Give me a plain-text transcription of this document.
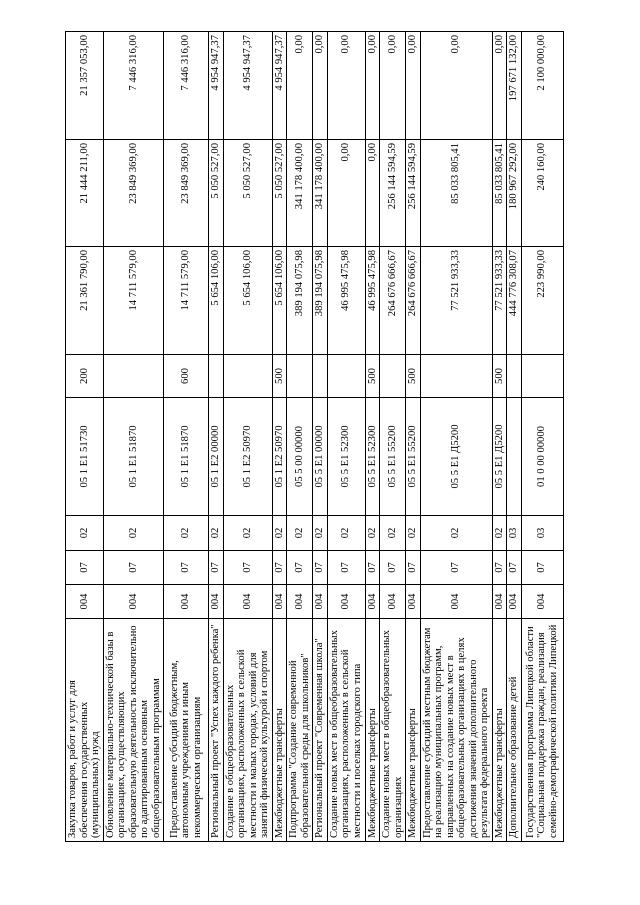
Закупка товаров, работ и услуг для обеспечения государственных (муниципальных) нужд	004	07	02	05 1 E1 51730	200	21 361 790,00	21 444 211,00	21 357 053,00
Обновление материально-технической базы в организациях, осуществляющих образовательную деятельность исключительно по адаптированным основным общеобразовательным программам	004	07	02	05 1 E1 51870		14 711 579,00	23 849 369,00	7 446 316,00
Предоставление субсидий бюджетным, автономным учреждениям и иным некоммерческим организациям	004	07	02	05 1 E1 51870	600	14 711 579,00	23 849 369,00	7 446 316,00
Региональный проект "Успех каждого ребенка"	004	07	02	05 1 E2 00000		5 654 106,00	5 050 527,00	4 954 947,37
Создание в общеобразовательных организациях, расположенных в сельской местности и малых городах, условий для занятий физической культурой и спортом	004	07	02	05 1 E2 50970		5 654 106,00	5 050 527,00	4 954 947,37
Межбюджетные трансферты	004	07	02	05 1 E2 50970	500	5 654 106,00	5 050 527,00	4 954 947,37
Подпрограмма "Создание современной образовательной среды для школьников"	004	07	02	05 5 00 00000		389 194 075,98	341 178 400,00	0,00
Региональный проект "Современная школа"	004	07	02	05 5 E1 00000		389 194 075,98	341 178 400,00	0,00
Создание новых мест в общеобразовательных организациях, расположенных в сельской местности и поселках городского типа	004	07	02	05 5 E1 52300		46 995 475,98	0,00	0,00
Межбюджетные трансферты	004	07	02	05 5 E1 52300	500	46 995 475,98	0,00	0,00
Создание новых мест в общеобразовательных организациях	004	07	02	05 5 E1 55200		264 676 666,67	256 144 594,59	0,00
Межбюджетные трансферты	004	07	02	05 5 E1 55200	500	264 676 666,67	256 144 594,59	0,00
Предоставление субсидий местным бюджетам на реализацию муниципальных программ, направленных на создание новых мест в общеобразовательных организациях в целях достижения значений дополнительного результата федерального проекта	004	07	02	05 5 E1 Д5200		77 521 933,33	85 033 805,41	0,00
Межбюджетные трансферты	004	07	02	05 5 E1 Д5200	500	77 521 933,33	85 033 805,41	0,00
Дополнительное образование детей	004	07	03			444 776 308,07	180 967 292,00	197 671 132,00
Государственная программа Липецкой области "Социальная поддержка граждан, реализация семейно-демографической политики Липецкой	004	07	03	01 0 00 00000		223 990,00	240 160,00	2 100 000,00
